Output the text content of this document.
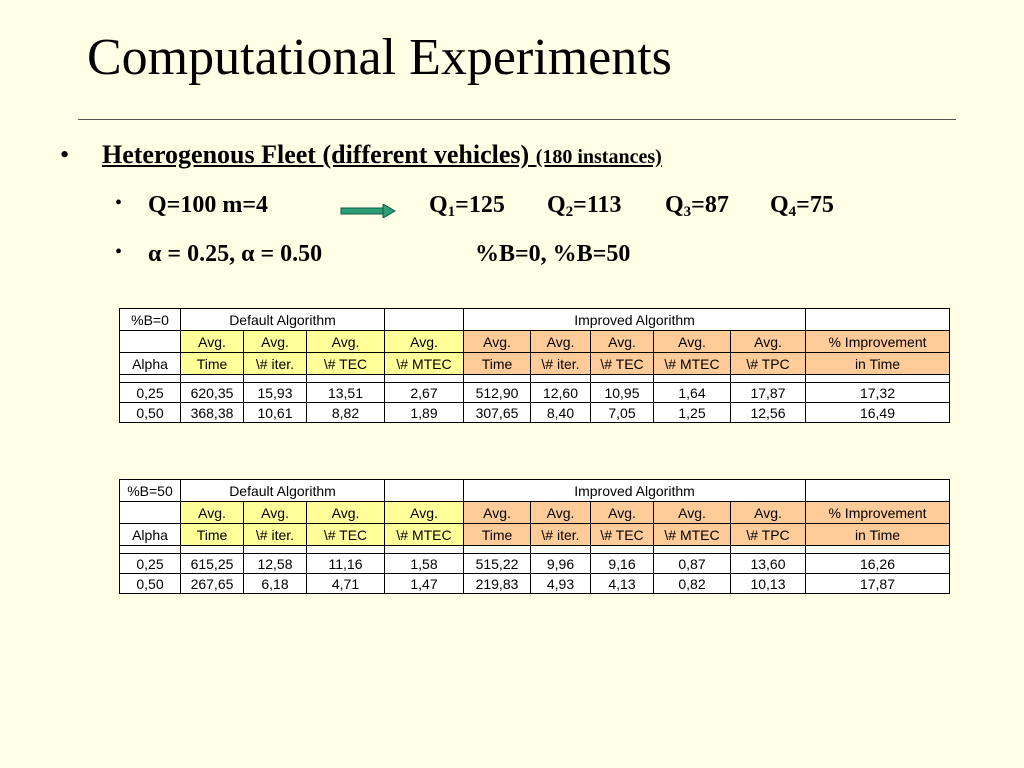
Computational Experiments
• Heterogenous Fleet (different vehicles) (180 instances)
• Q=100 m=4	$Q_1=125$ $Q_2=113$ $Q_3=87$ $Q_4=75$
• α = 0.25, α = 0.50	%B=0, %B=50
%B=0	Default Algorithm				Improved Algorithm					
	Avg.	Avg.	Avg.	Avg.	Avg.	Avg.	Avg.	Avg.	Avg.	% Improvement
Alpha	Time	\# iter.	\# TEC	\# MTEC	Time	\# iter.	\# TEC	\# MTEC	\# TPC	in Time

0,25	620,35	15,93	13,51	2,67	512,90	12,60	10,95	1,64	17,87	17,32
0,50	368,38	10,61	8,82	1,89	307,65	8,40	7,05	1,25	12,56	16,49
%B=50	Default Algorithm				Improved Algorithm					
	Avg.	Avg.	Avg.	Avg.	Avg.	Avg.	Avg.	Avg.	Avg.	% Improvement
Alpha	Time	\# iter.	\# TEC	\# MTEC	Time	\# iter.	\# TEC	\# MTEC	\# TPC	in Time

0,25	615,25	12,58	11,16	1,58	515,22	9,96	9,16	0,87	13,60	16,26
0,50	267,65	6,18	4,71	1,47	219,83	4,93	4,13	0,82	10,13	17,87
